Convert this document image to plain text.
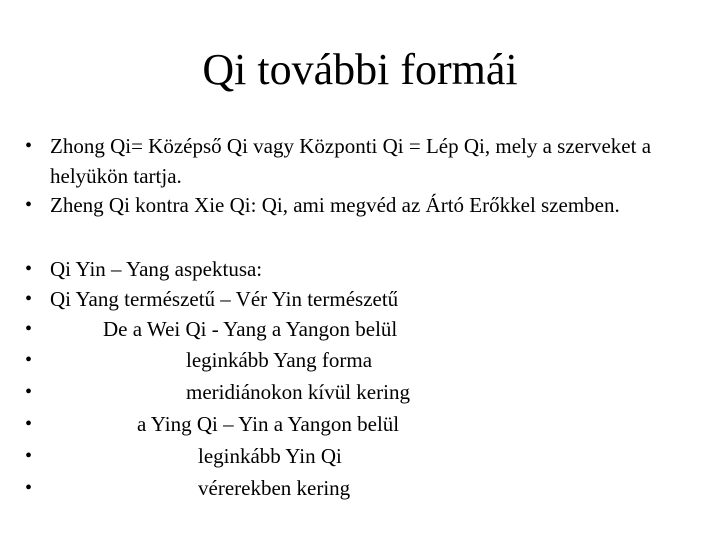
Qi további formái
• Zhong Qi= Középső Qi vagy Központi Qi = Lép Qi, mely a szerveket a helyükön tartja.
• Zheng Qi kontra Xie Qi: Qi, ami megvéd az Ártó Erőkkel szemben.
• Qi Yin – Yang aspektusa:
• Qi Yang természetű – Vér Yin természetű
•	De a Wei Qi - Yang a Yangon belül
•	leginkább Yang forma
•	meridiánokon kívül kering
•	a Ying Qi – Yin a Yangon belül
•	leginkább Yin Qi
•	vérerekben kering
